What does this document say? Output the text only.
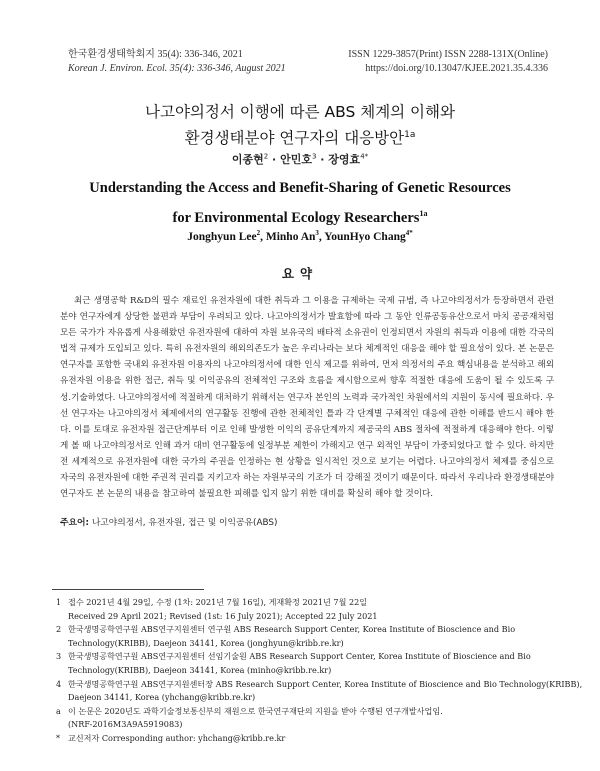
한국환경생태학회지 35(4): 336-346, 2021
Korean J. Environ. Ecol. 35(4): 336-346, August 2021
ISSN 1229-3857(Print) ISSN 2288-131X(Online)
https://doi.org/10.13047/KJEE.2021.35.4.336
나고야의정서 이행에 따른 ABS 체계의 이해와
환경생태분야 연구자의 대응방안$^{1a}$
이종현$^2$ · 안민호$^3$ · 장영효$^{4*}$
Understanding the Access and Benefit-Sharing of Genetic Resources
for Environmental Ecology Researchers$^{1a}$
Jonghyun Lee$^2$, Minho An$^3$, YounHyo Chang$^{4*}$
요약

최근 생명공학 R&D의 필수 재료인 유전자원에 대한 취득과 그 이용을 규제하는 국제 규범, 즉 나고야의정서가 등장하면서 관련 분야 연구자에게 상당한 불편과 부담이 우려되고 있다. 나고야의정서가 발효함에 따라 그 동안 인류공동유산으로서 마치 공공재처럼 모든 국가가 자유롭게 사용해왔던 유전자원에 대하여 자원 보유국의 배타적 소유권이 인정되면서 자원의 취득과 이용에 대한 각국의 법적 규제가 도입되고 있다. 특히 유전자원의 해외의존도가 높은 우리나라는 보다 체계적인 대응을 해야 할 필요성이 있다. 본 논문은 연구자를 포함한 국내외 유전자원 이용자의 나고야의정서에 대한 인식 제고를 위하여, 먼저 의정서의 주요 핵심내용을 분석하고 해외 유전자원 이용을 위한 접근, 취득 및 이익공유의 전체적인 구조와 흐름을 제시함으로써 향후 적절한 대응에 도움이 될 수 있도록 구성․기술하였다. 나고야의정서에 적절하게 대처하기 위해서는 연구자 본인의 노력과 국가적인 차원에서의 지원이 동시에 필요하다. 우선 연구자는 나고야의정서 체제에서의 연구활동 진행에 관한 전체적인 틀과 각 단계별 구체적인 대응에 관한 이해를 반드시 해야 한다. 이를 토대로 유전자원 접근단계부터 이로 인해 발생한 이익의 공유단계까지 제공국의 ABS 절차에 적절하게 대응해야 한다. 이렇게 볼 때 나고야의정서로 인해 과거 대비 연구활동에 일정부분 제한이 가해지고 연구 외적인 부담이 가중되었다고 할 수 있다. 하지만 전 세계적으로 유전자원에 대한 국가의 주권을 인정하는 현 상황을 일시적인 것으로 보기는 어렵다. 나고야의정서 체제를 중심으로 자국의 유전자원에 대한 주권적 권리를 지키고자 하는 자원부국의 기조가 더 강해질 것이기 때문이다. 따라서 우리나라 환경생태분야 연구자도 본 논문의 내용을 참고하여 불필요한 피해를 입지 않기 위한 대비를 확실히 해야 할 것이다.

주요어: 나고야의정서, 유전자원, 접근 및 이익공유(ABS)
1 접수 2021년 4월 29일, 수정 (1차: 2021년 7월 16일), 게재확정 2021년 7월 22일
Received 29 April 2021; Revised (1st: 16 July 2021); Accepted 22 July 2021
2 한국생명공학연구원 ABS연구지원센터 연구원 ABS Research Support Center, Korea Institute of Bioscience and Bio
Technology(KRIBB), Daejeon 34141, Korea (jonghyun@kribb.re.kr)
3 한국생명공학연구원 ABS연구지원센터 선임기술원 ABS Research Support Center, Korea Institute of Bioscience and Bio
Technology(KRIBB), Daejeon 34141, Korea (minho@kribb.re.kr)
4 한국생명공학연구원 ABS연구지원센터장 ABS Research Support Center, Korea Institute of Bioscience and Bio Technology(KRIBB),
Daejeon 34141, Korea (yhchang@kribb.re.kr)
a 이 논문은 2020년도 과학기술정보통신부의 재원으로 한국연구재단의 지원을 받아 수행된 연구개발사업임.
(NRF-2016M3A9A5919083)
* 교신저자 Corresponding author: yhchang@kribb.re.kr
